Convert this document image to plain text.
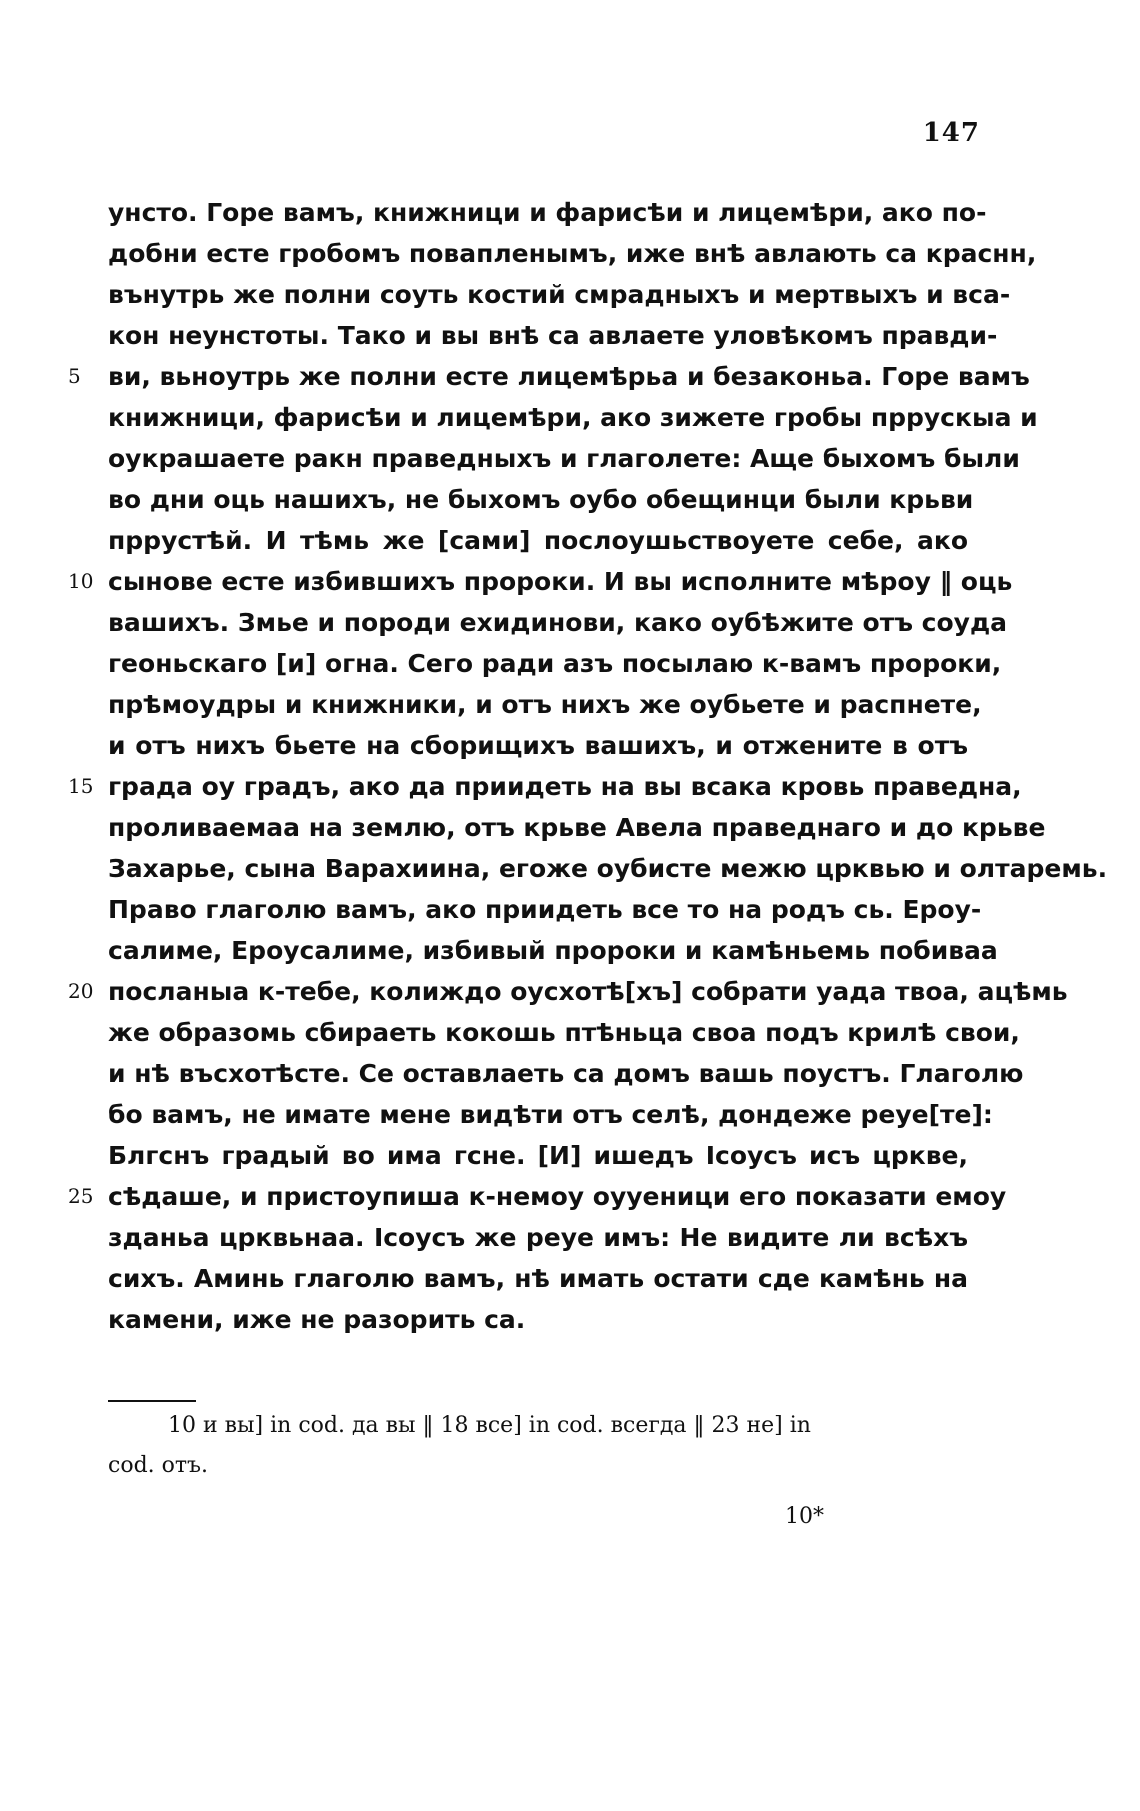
147
унсто. Горе вамъ, книжници и фарисѣи и лицемѣри, ако по-
добни есте гробомъ повапленымъ, иже внѣ авлають са краснн,
вънутрь же полни соуть костий смрадныхъ и мертвыхъ и вса-
кон неунстоты. Тако и вы внѣ са авлаете уловѣкомъ правди-
5	ви, вьноутрь же полни есте лицемѣрьа и безаконьа. Горе вамъ
книжници, фарисѣи и лицемѣри, ако зижете гробы пррускыа и
оукрашаете ракн праведныхъ и глаголете: Аще быхомъ были
во дни оць нашихъ, не быхомъ оубо обещинци были крьви
пррустѣй. И тѣмь же [сами] послоушьствоуете себе, ако
10 сынове есте избившихъ пророки. И вы исполните мѣроу ‖ оць
вашихъ. Змье и породи ехидинови, како оубѣжите отъ соуда
геоньскаго [и] огна. Сего ради азъ посылаю к-вамъ пророки,
прѣмоудры и книжники, и отъ нихъ же оубьете и распнете,
и отъ нихъ бьете на сборищихъ вашихъ, и отжените в отъ
15 града оу градъ, ако да приидеть на вы всака кровь праведна,
проливаемаа на землю, отъ крьве Авела праведнаго и до крьве
Захарье, сына Варахиина, егоже оубисте межю црквью и олтаремь.
Право глаголю вамъ, ако приидеть все то на родъ сь. Ероу-
салиме, Ероусалиме, избивый пророки и камѣньемь побиваа
20 посланыа к-тебе, колиждо оусхотѣ[хъ] собрати уада твоа, ацѣмь
же образомь сбираеть кокошь птѣньца своа подъ крилѣ свои,
и нѣ въсхотѣсте. Се оставлаеть са домъ вашь поустъ. Глаголю
бо вамъ, не имате мене видѣти отъ селѣ, дондеже реуе[те]:
Блгснъ градый во имa гсне. [И] ишедъ Ісоусъ исъ цркве,
25 сѣдаше, и пристоупиша к-немоу оууеници его показати емоу
зданьа црквьнаа. Ісоусъ же реуе имъ: Не видите ли всѣхъ
сихъ. Аминь глаголю вамъ, нѣ имать остати сде камѣнь на
камени, иже не разорить са.
10 и вы] in cod. да вы ‖ 18 все] in cod. всегда ‖ 23 не] in
cod. отъ.
10*
